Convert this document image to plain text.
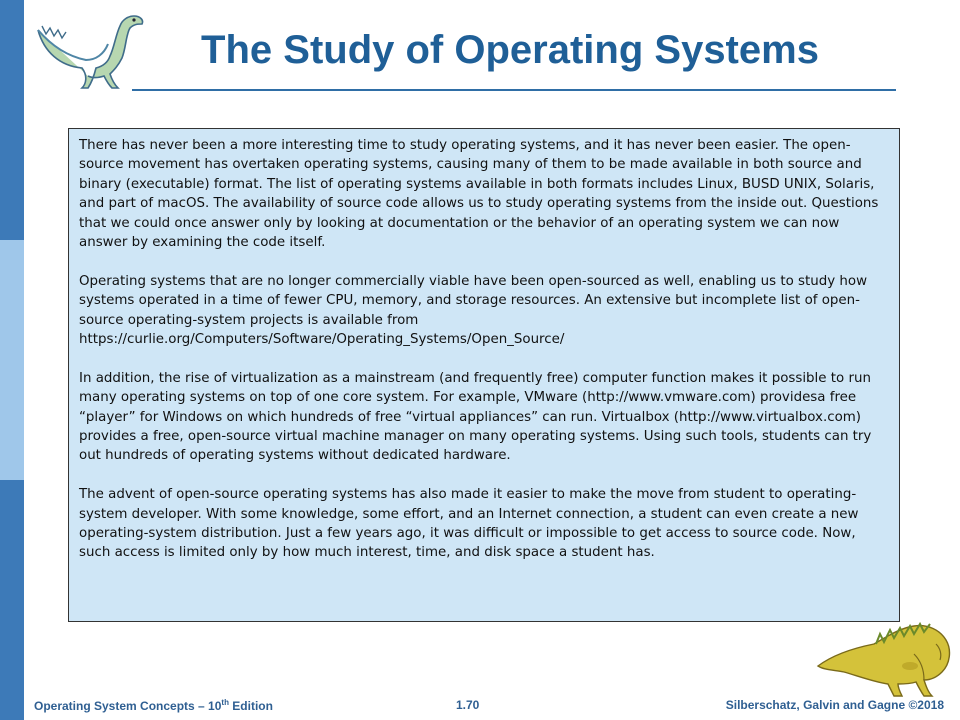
The Study of Operating Systems

There has never been a more interesting time to study operating systems, and it has never been easier. The open-source movement has overtaken operating systems, causing many of them to be made available in both source and binary (executable) format. The list of operating systems available in both formats includes Linux, BUSD UNIX, Solaris, and part of macOS. The availability of source code allows us to study operating systems from the inside out. Questions that we could once answer only by looking at documentation or the behavior of an operating system we can now answer by examining the code itself.

Operating systems that are no longer commercially viable have been open-sourced as well, enabling us to study how systems operated in a time of fewer CPU, memory, and storage resources. An extensive but incomplete list of open-source operating-system projects is available from https://curlie.org/Computers/Software/Operating_Systems/Open_Source/

In addition, the rise of virtualization as a mainstream (and frequently free) computer function makes it possible to run many operating systems on top of one core system. For example, VMware (http://www.vmware.com) providesa free “player” for Windows on which hundreds of free “virtual appliances” can run. Virtualbox (http://www.virtualbox.com) provides a free, open-source virtual machine manager on many operating systems. Using such tools, students can try out hundreds of operating systems without dedicated hardware.

The advent of open-source operating systems has also made it easier to make the move from student to operating-system developer. With some knowledge, some effort, and an Internet connection, a student can even create a new operating-system distribution. Just a few years ago, it was difficult or impossible to get access to source code. Now, such access is limited only by how much interest, time, and disk space a student has.

Operating System Concepts – 10th Edition	1.70	Silberschatz, Galvin and Gagne ©2018
